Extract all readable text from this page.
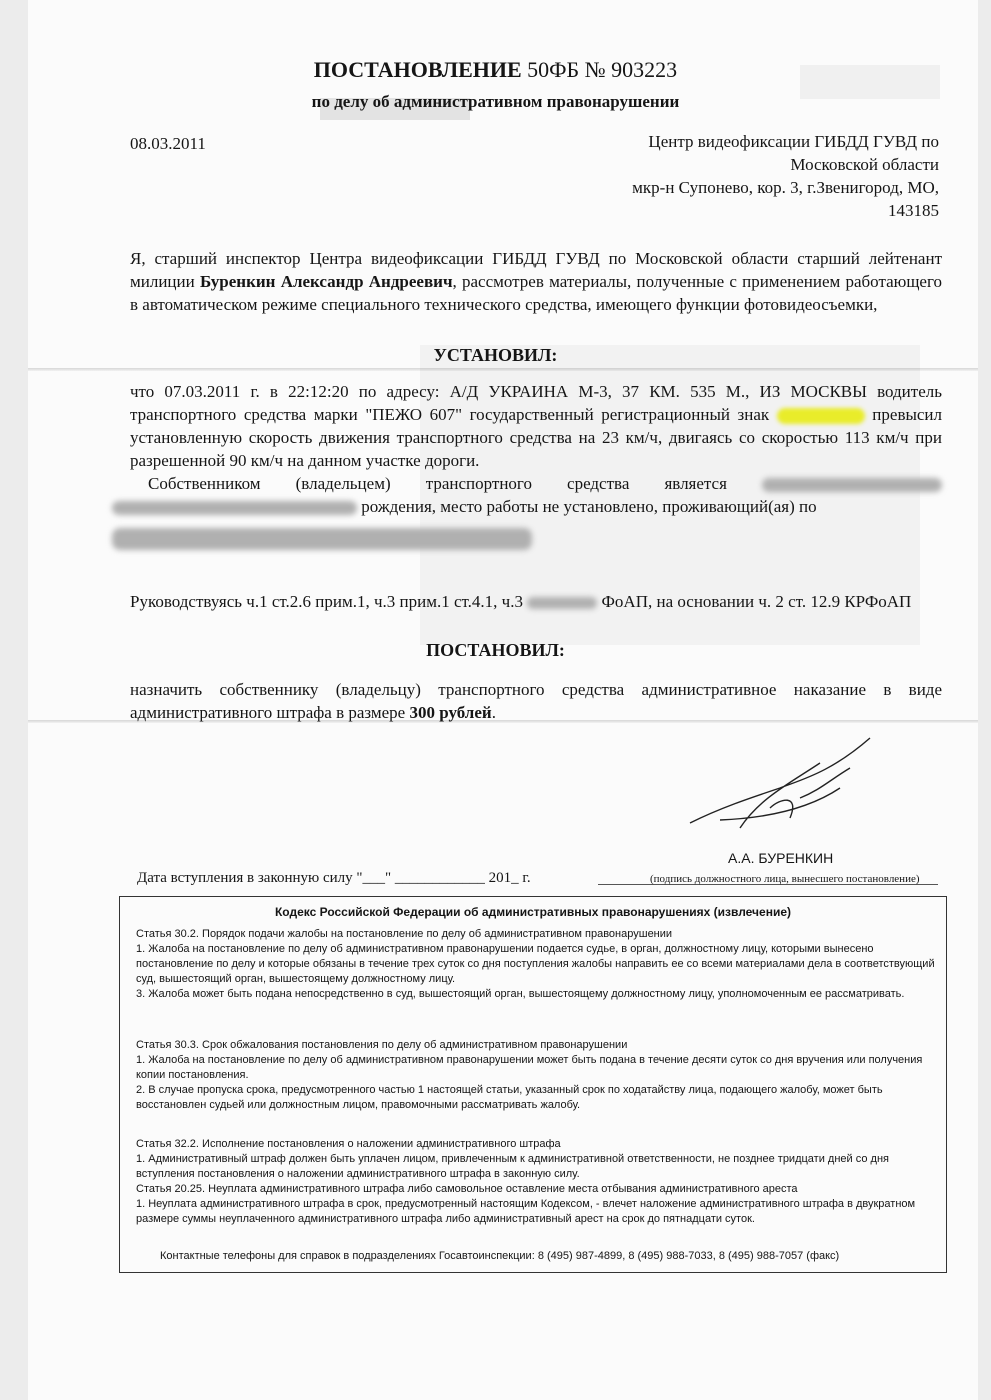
ПОСТАНОВЛЕНИЕ 50ФБ № 903223
по делу об административном правонарушении
08.03.2011	Центр видеофиксации ГИБДД ГУВД по
Московской области
мкр-н Супонево, кор. 3, г.Звенигород, МО,
143185
Я, старший инспектор Центра видеофиксации ГИБДД ГУВД по Московской области старший лейтенант милиции Буренкин Александр Андреевич, рассмотрев материалы, полученные с применением работающего в автоматическом режиме специального технического средства, имеющего функции фотовидеосъемки,
УСТАНОВИЛ:
что 07.03.2011 г. в 22:12:20 по адресу: А/Д УКРАИНА М-3, 37 КМ. 535 М., ИЗ МОСКВЫ водитель транспортного средства марки "ПЕЖО 607" государственный регистрационный знак	превысил установленную скорость движения транспортного средства на 23 км/ч, двигаясь со скоростью 113 км/ч при разрешенной 90 км/ч на данном участке дороги.
Собственником (владельцем) транспортного средства является   рождения, место работы не установлено, проживающий(ая) по
Руководствуясь ч.1 ст.2.6 прим.1, ч.3 прим.1 ст.4.1, ч.3	ФоАП, на основании ч. 2 ст. 12.9 КРФоАП
ПОСТАНОВИЛ:
назначить собственнику (владельцу) транспортного средства административное наказание в виде административного штрафа в размере 300 рублей.
А.А. БУРЕНКИН
Дата вступления в законную силу "___" ____________ 201_ г.	(подпись должностного лица, вынесшего постановление)
Кодекс Российской Федерации об административных правонарушениях (извлечение)

Статья 30.2. Порядок подачи жалобы на постановление по делу об административном правонарушении

1. Жалоба на постановление по делу об административном правонарушении подается судье, в орган, должностному лицу, которыми вынесено постановление по делу и которые обязаны в течение трех суток со дня поступления жалобы направить ее со всеми материалами дела в соответствующий суд, вышестоящий орган, вышестоящему должностному лицу.

3. Жалоба может быть подана непосредственно в суд, вышестоящий орган, вышестоящему должностному лицу, уполномоченным ее рассматривать.

Статья 30.3. Срок обжалования постановления по делу об административном правонарушении

1. Жалоба на постановление по делу об административном правонарушении может быть подана в течение десяти суток со дня вручения или получения копии постановления.

2. В случае пропуска срока, предусмотренного частью 1 настоящей статьи, указанный срок по ходатайству лица, подающего жалобу, может быть восстановлен судьей или должностным лицом, правомочными рассматривать жалобу.

Статья 32.2. Исполнение постановления о наложении административного штрафа

1. Административный штраф должен быть уплачен лицом, привлеченным к административной ответственности, не позднее тридцати дней со дня вступления постановления о наложении административного штрафа в законную силу.

Статья 20.25. Неуплата административного штрафа либо самовольное оставление места отбывания административного ареста

1. Неуплата административного штрафа в срок, предусмотренный настоящим Кодексом, - влечет наложение административного штрафа в двукратном размере суммы неуплаченного административного штрафа либо административный арест на срок до пятнадцати суток.

Контактные телефоны для справок в подразделениях Госавтоинспекции: 8 (495) 987-4899, 8 (495) 988-7033, 8 (495) 988-7057 (факс)
